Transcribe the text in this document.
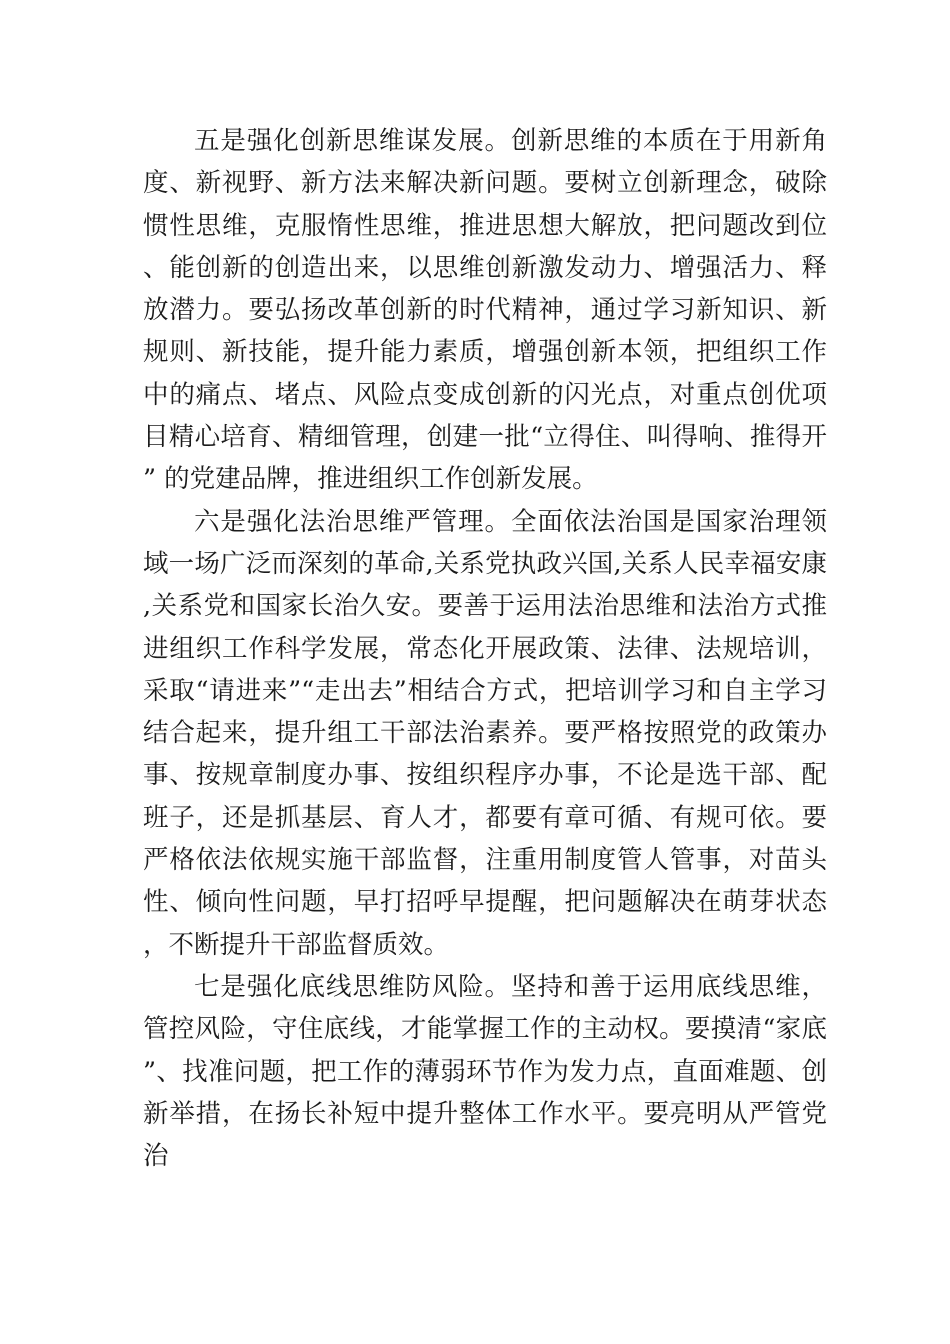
五是强化创新思维谋发展。创新思维的本质在于用新角度、新视野、新方法来解决新问题。要树立创新理念，破除 惯性思维，克服惰性思维，推进思想大解放，把问题改到位、能创新的创造出来，以思维创新激发动力、增强活力、释放潜力。要弘扬改革创新的时代精神，通过学习新知识、新规则、新技能，提升能力素质，增强创新本领，把组织工作中的痛点、堵点、风险点变成创新的闪光点，对重点创优项目精心培育、精细管理，创建一批“立得住、叫得响、推得开” 的党建品牌，推进组织工作创新发展。

六是强化法治思维严管理。全面依法治国是国家治理领域一场广泛而深刻的革命,关系党执政兴国,关系人民幸福安康,关系党和国家长治久安。要善于运用法治思维和法治方式推进组织工作科学发展，常态化开展政策、法律、法规培训，采取“请进来”“走出去”相结合方式，把培训学习和自主学习结合起来，提升组工干部法治素养。要严格按照党的政策办事、按规章制度办事、按组织程序办事，不论是选干部、配班子，还是抓基层、育人才，都要有章可循、有规可依。要严格依法依规实施干部监督，注重用制度管人管事，对苗头性、倾向性问题，早打招呼早提醒，把问题解决在萌芽状态，不断提升干部监督质效。

七是强化底线思维防风险。坚持和善于运用底线思维，管控风险，守住底线，才能掌握工作的主动权。要摸清“家底”、找准问题，把工作的薄弱环节作为发力点，直面难题、创新举措，在扬长补短中提升整体工作水平。要亮明从严管党治
